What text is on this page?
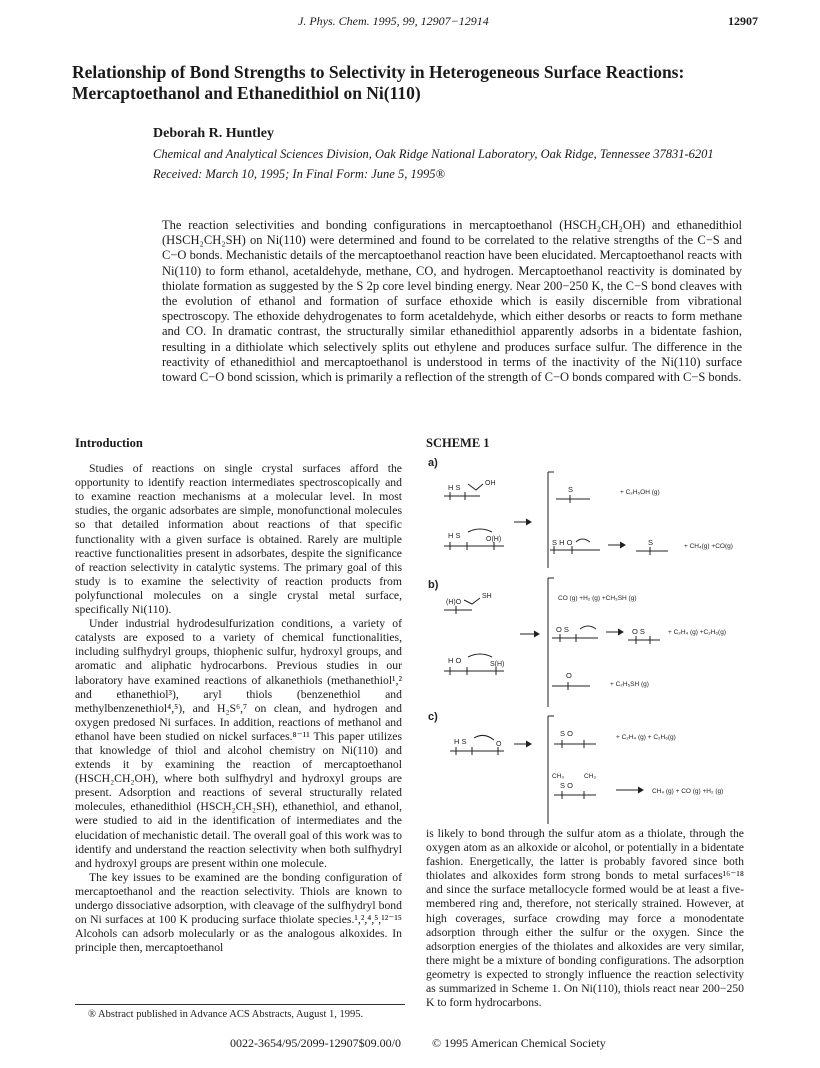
J. Phys. Chem. 1995, 99, 12907−12914	12907
Relationship of Bond Strengths to Selectivity in Heterogeneous Surface Reactions: Mercaptoethanol and Ethanedithiol on Ni(110)
Deborah R. Huntley
Chemical and Analytical Sciences Division, Oak Ridge National Laboratory, Oak Ridge, Tennessee 37831-6201
Received: March 10, 1995; In Final Form: June 5, 1995®
The reaction selectivities and bonding configurations in mercaptoethanol (HSCH₂CH₂OH) and ethanedithiol (HSCH₂CH₂SH) on Ni(110) were determined and found to be correlated to the relative strengths of the C−S and C−O bonds. Mechanistic details of the mercaptoethanol reaction have been elucidated. Mercaptoethanol reacts with Ni(110) to form ethanol, acetaldehyde, methane, CO, and hydrogen. Mercaptoethanol reactivity is dominated by thiolate formation as suggested by the S 2p core level binding energy. Near 200−250 K, the C−S bond cleaves with the evolution of ethanol and formation of surface ethoxide which is easily discernible from vibrational spectroscopy. The ethoxide dehydrogenates to form acetaldehyde, which either desorbs or reacts to form methane and CO. In dramatic contrast, the structurally similar ethanedithiol apparently adsorbs in a bidentate fashion, resulting in a dithiolate which selectively splits out ethylene and produces surface sulfur. The difference in the reactivity of ethanedithiol and mercaptoethanol is understood in terms of the inactivity of the Ni(110) surface toward C−O bond scission, which is primarily a reflection of the strength of C−O bonds compared with C−S bonds.
Introduction

Studies of reactions on single crystal surfaces afford the opportunity to identify reaction intermediates spectroscopically and to examine reaction mechanisms at a molecular level. In most studies, the organic adsorbates are simple, monofunctional molecules so that detailed information about reactions of that specific functionality with a given surface is obtained. Rarely are multiple reactive functionalities present in adsorbates, despite the significance of reaction selectivity in catalytic systems. The primary goal of this study is to examine the selectivity of reaction products from polyfunctional molecules on a single crystal metal surface, specifically Ni(110).

Under industrial hydrodesulfurization conditions, a variety of catalysts are exposed to a variety of chemical functionalities, including sulfhydryl groups, thiophenic sulfur, hydroxyl groups, and aromatic and aliphatic hydrocarbons. Previous studies in our laboratory have examined reactions of alkanethiols (methanethiol¹,² and ethanethiol³), aryl thiols (benzenethiol and methylbenzenethiol⁴,⁵), and H₂S⁶,⁷ on clean, and hydrogen and oxygen predosed Ni surfaces. In addition, reactions of methanol and ethanol have been studied on nickel surfaces.⁸⁻¹¹ This paper utilizes that knowledge of thiol and alcohol chemistry on Ni(110) and extends it by examining the reaction of mercaptoethanol (HSCH₂CH₂OH), where both sulfhydryl and hydroxyl groups are present. Adsorption and reactions of several structurally related molecules, ethanedithiol (HSCH₂CH₂SH), ethanethiol, and ethanol, were studied to aid in the identification of intermediates and the elucidation of mechanistic detail. The overall goal of this work was to identify and understand the reaction selectivity when both sulfhydryl and hydroxyl groups are present within one molecule.

The key issues to be examined are the bonding configuration of mercaptoethanol and the reaction selectivity. Thiols are known to undergo dissociative adsorption, with cleavage of the sulfhydryl bond on Ni surfaces at 100 K producing surface thiolate species.¹,²,⁴,⁵,¹²⁻¹⁵ Alcohols can adsorb molecularly or as the analogous alkoxides. In principle then, mercaptoethanol

SCHEME 1
a)
H S	OH
H S	O(H)
S	+ C₂H₅OH (g)
S H O	S	+ CH₄(g) +CO(g)
b)
(H)O
SH
H O	S(H)
CO (g) +H₂ (g) +CH₃SH (g)
O S	O S	+ C₂H₄ (g) +C₂H₆(g)
O
+ C₂H₅SH (g)
c)
H S	O
S O	+ C₂H₄ (g) + C₂H₆(g)
CH₃	CH₃
S O
CH₄ (g) + CO (g) +H₂ (g)

is likely to bond through the sulfur atom as a thiolate, through the oxygen atom as an alkoxide or alcohol, or potentially in a bidentate fashion. Energetically, the latter is probably favored since both thiolates and alkoxides form strong bonds to metal surfaces¹⁶⁻¹⁸ and since the surface metallocycle formed would be at least a five-membered ring and, therefore, not sterically strained. However, at high coverages, surface crowding may force a monodentate adsorption through either the sulfur or the oxygen. Since the adsorption energies of the thiolates and alkoxides are very similar, there might be a mixture of bonding configurations. The adsorption geometry is expected to strongly influence the reaction selectivity as summarized in Scheme 1. On Ni(110), thiols react near 200−250 K to form hydrocarbons.

® Abstract published in Advance ACS Abstracts, August 1, 1995.
0022-3654/95/2099-12907$09.00/0	© 1995 American Chemical Society
